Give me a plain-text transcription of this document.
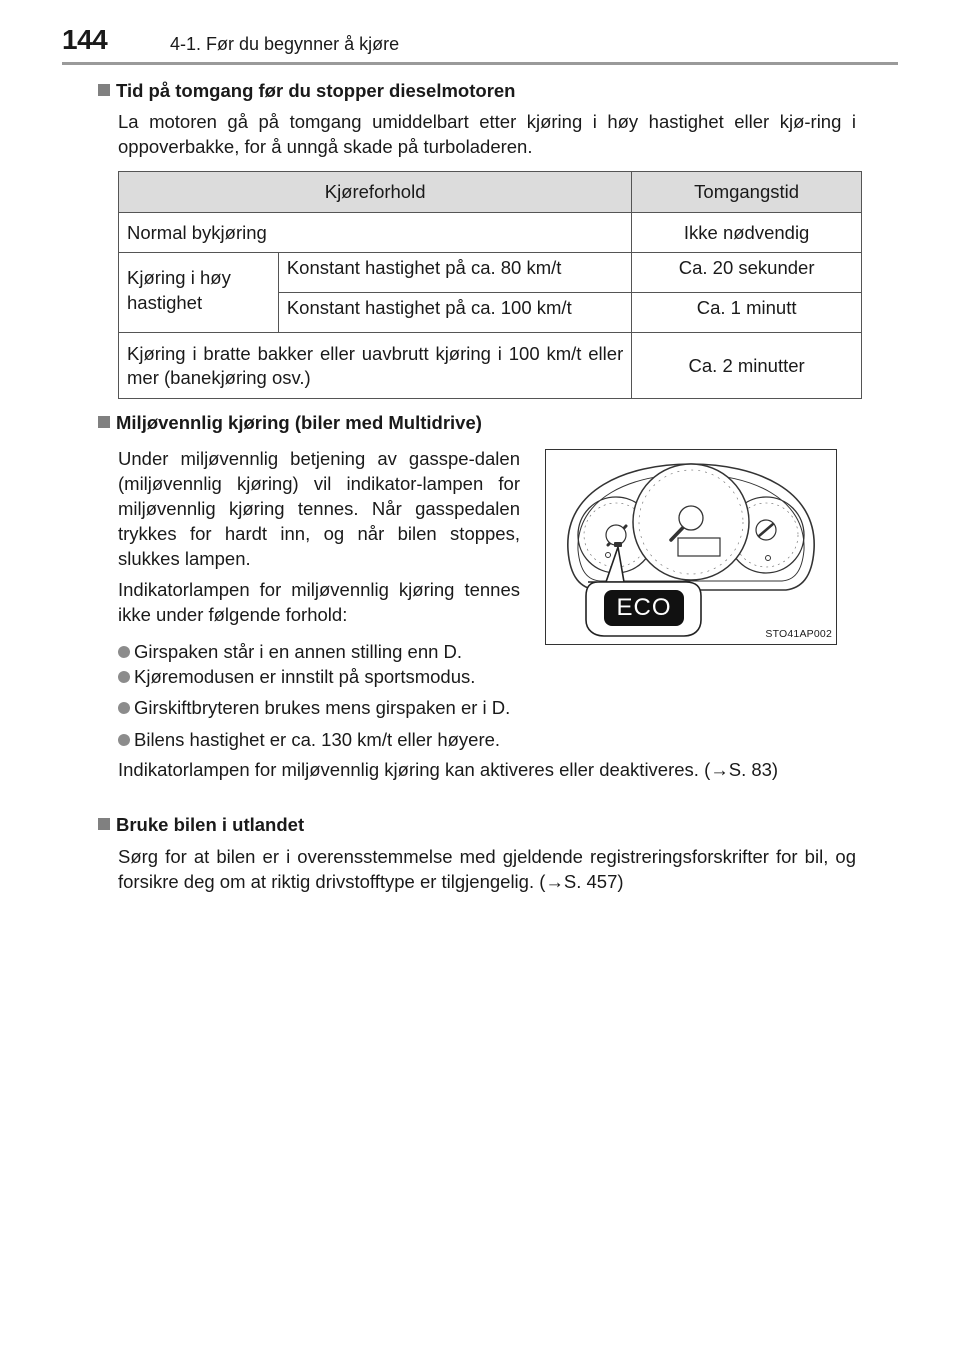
144	4-1. Før du begynner å kjøre
Tid på tomgang før du stopper dieselmotoren
La motoren gå på tomgang umiddelbart etter kjøring i høy hastighet eller kjø-ring i oppoverbakke, for å unngå skade på turboladeren.
Kjøreforhold		Tomgangstid
Normal bykjøring		Ikke nødvendig
Kjøring i høy hastighet	Konstant hastighet på ca. 80 km/t	Ca. 20 sekunder
	Konstant hastighet på ca. 100 km/t	Ca. 1 minutt
Kjøring i bratte bakker eller uavbrutt kjøring i 100 km/t eller mer (banekjøring osv.)		Ca. 2 minutter
Miljøvennlig kjøring (biler med Multidrive)
Under miljøvennlig betjening av gasspe-dalen (miljøvennlig kjøring) vil indikator-lampen for miljøvennlig kjøring tennes. Når gasspedalen trykkes for hardt inn, og når bilen stoppes, slukkes lampen.
Indikatorlampen for miljøvennlig kjøring tennes ikke under følgende forhold:
Girspaken står i en annen stilling enn D.
Kjøremodusen er innstilt på sportsmodus.
Girskiftbryteren brukes mens girspaken er i D.
Bilens hastighet er ca. 130 km/t eller høyere.
Indikatorlampen for miljøvennlig kjøring kan aktiveres eller deaktiveres. (→S. 83)
ECO
STO41AP002
Bruke bilen i utlandet
Sørg for at bilen er i overensstemmelse med gjeldende registreringsforskrifter for bil, og forsikre deg om at riktig drivstofftype er tilgjengelig. (→S. 457)
